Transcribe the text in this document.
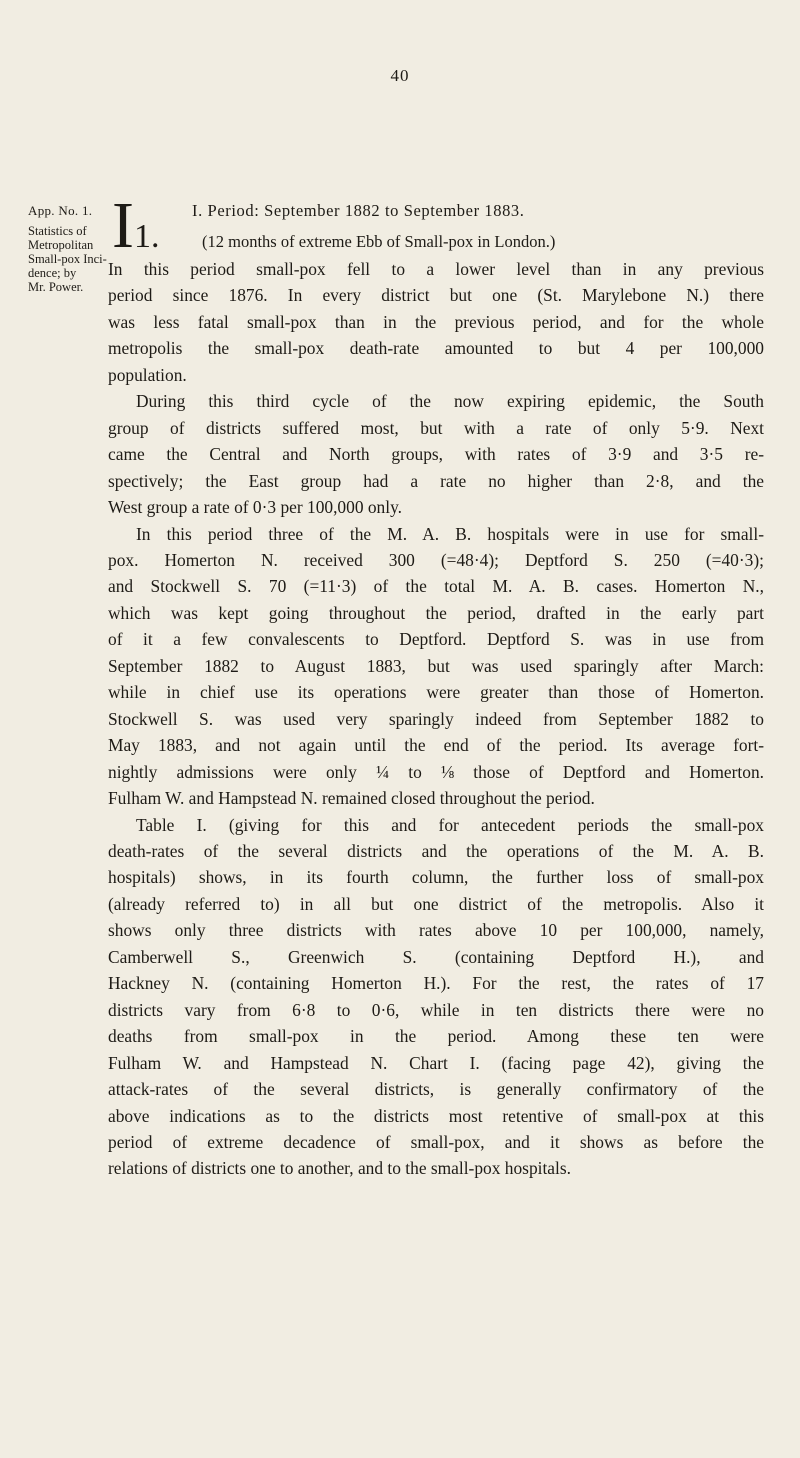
40
App. No. 1.
Statistics of
Metropolitan
Small-pox Inci-
dence; by
Mr. Power.
I1.
I. Period: September 1882 to September 1883.
(12 months of extreme Ebb of Small-pox in London.)
In this period small-pox fell to a lower level than in any previous
period since 1876. In every district but one (St. Marylebone N.) there
was less fatal small-pox than in the previous period, and for the whole
metropolis the small-pox death-rate amounted to but 4 per 100,000
population.
During this third cycle of the now expiring epidemic, the South
group of districts suffered most, but with a rate of only 5·9. Next
came the Central and North groups, with rates of 3·9 and 3·5 re-
spectively; the East group had a rate no higher than 2·8, and the
West group a rate of 0·3 per 100,000 only.
In this period three of the M. A. B. hospitals were in use for small-
pox. Homerton N. received 300 (=48·4); Deptford S. 250 (=40·3);
and Stockwell S. 70 (=11·3) of the total M. A. B. cases. Homerton N.,
which was kept going throughout the period, drafted in the early part
of it a few convalescents to Deptford. Deptford S. was in use from
September 1882 to August 1883, but was used sparingly after March:
while in chief use its operations were greater than those of Homerton.
Stockwell S. was used very sparingly indeed from September 1882 to
May 1883, and not again until the end of the period. Its average fort-
nightly admissions were only ¼ to ⅛ those of Deptford and Homerton.
Fulham W. and Hampstead N. remained closed throughout the period.
Table I. (giving for this and for antecedent periods the small-pox
death-rates of the several districts and the operations of the M. A. B.
hospitals) shows, in its fourth column, the further loss of small-pox
(already referred to) in all but one district of the metropolis. Also it
shows only three districts with rates above 10 per 100,000, namely,
Camberwell S., Greenwich S. (containing Deptford H.), and
Hackney N. (containing Homerton H.). For the rest, the rates of 17
districts vary from 6·8 to 0·6, while in ten districts there were no
deaths from small-pox in the period. Among these ten were
Fulham W. and Hampstead N. Chart I. (facing page 42), giving the
attack-rates of the several districts, is generally confirmatory of the
above indications as to the districts most retentive of small-pox at this
period of extreme decadence of small-pox, and it shows as before the
relations of districts one to another, and to the small-pox hospitals.
